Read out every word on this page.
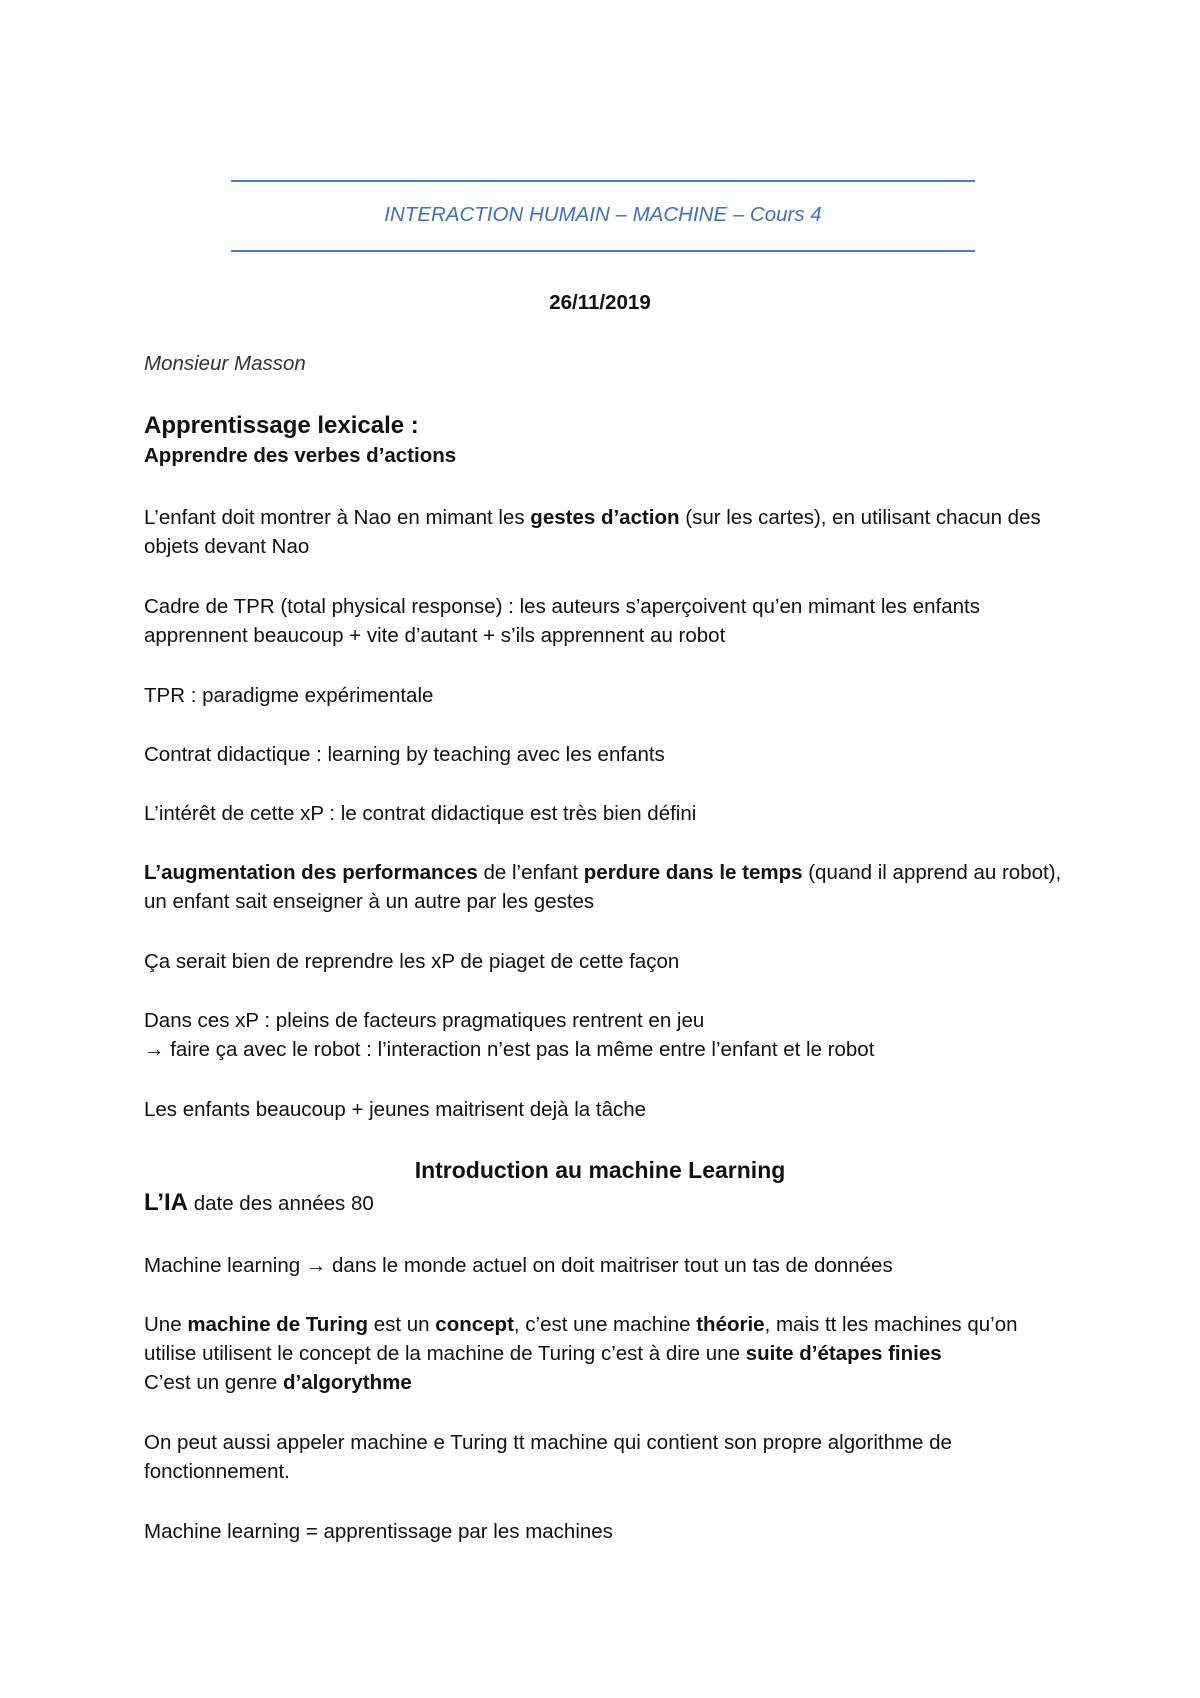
INTERACTION HUMAIN – MACHINE – Cours 4
26/11/2019

Monsieur Masson

Apprentissage lexicale :

Apprendre des verbes d’actions

L’enfant doit montrer à Nao en mimant les gestes d’action (sur les cartes), en utilisant chacun des objets devant Nao

Cadre de TPR (total physical response) : les auteurs s’aperçoivent qu’en mimant les enfants apprennent beaucoup + vite d’autant + s’ils apprennent au robot

TPR : paradigme expérimentale

Contrat didactique : learning by teaching avec les enfants

L’intérêt de cette xP : le contrat didactique est très bien défini

L’augmentation des performances de l’enfant perdure dans le temps (quand il apprend au robot), un enfant sait enseigner à un autre par les gestes

Ça serait bien de reprendre les xP de piaget de cette façon

Dans ces xP : pleins de facteurs pragmatiques rentrent en jeu
→ faire ça avec le robot : l’interaction n’est pas la même entre l’enfant et le robot

Les enfants beaucoup + jeunes maitrisent dejà la tâche

Introduction au machine Learning

L’IA date des années 80

Machine learning → dans le monde actuel on doit maitriser tout un tas de données

Une machine de Turing est un concept, c’est une machine théorie, mais tt les machines qu’on utilise utilisent le concept de la machine de Turing c’est à dire une suite d’étapes finies
C’est un genre d’algorythme

On peut aussi appeler machine e Turing tt machine qui contient son propre algorithme de fonctionnement.

Machine learning = apprentissage par les machines
